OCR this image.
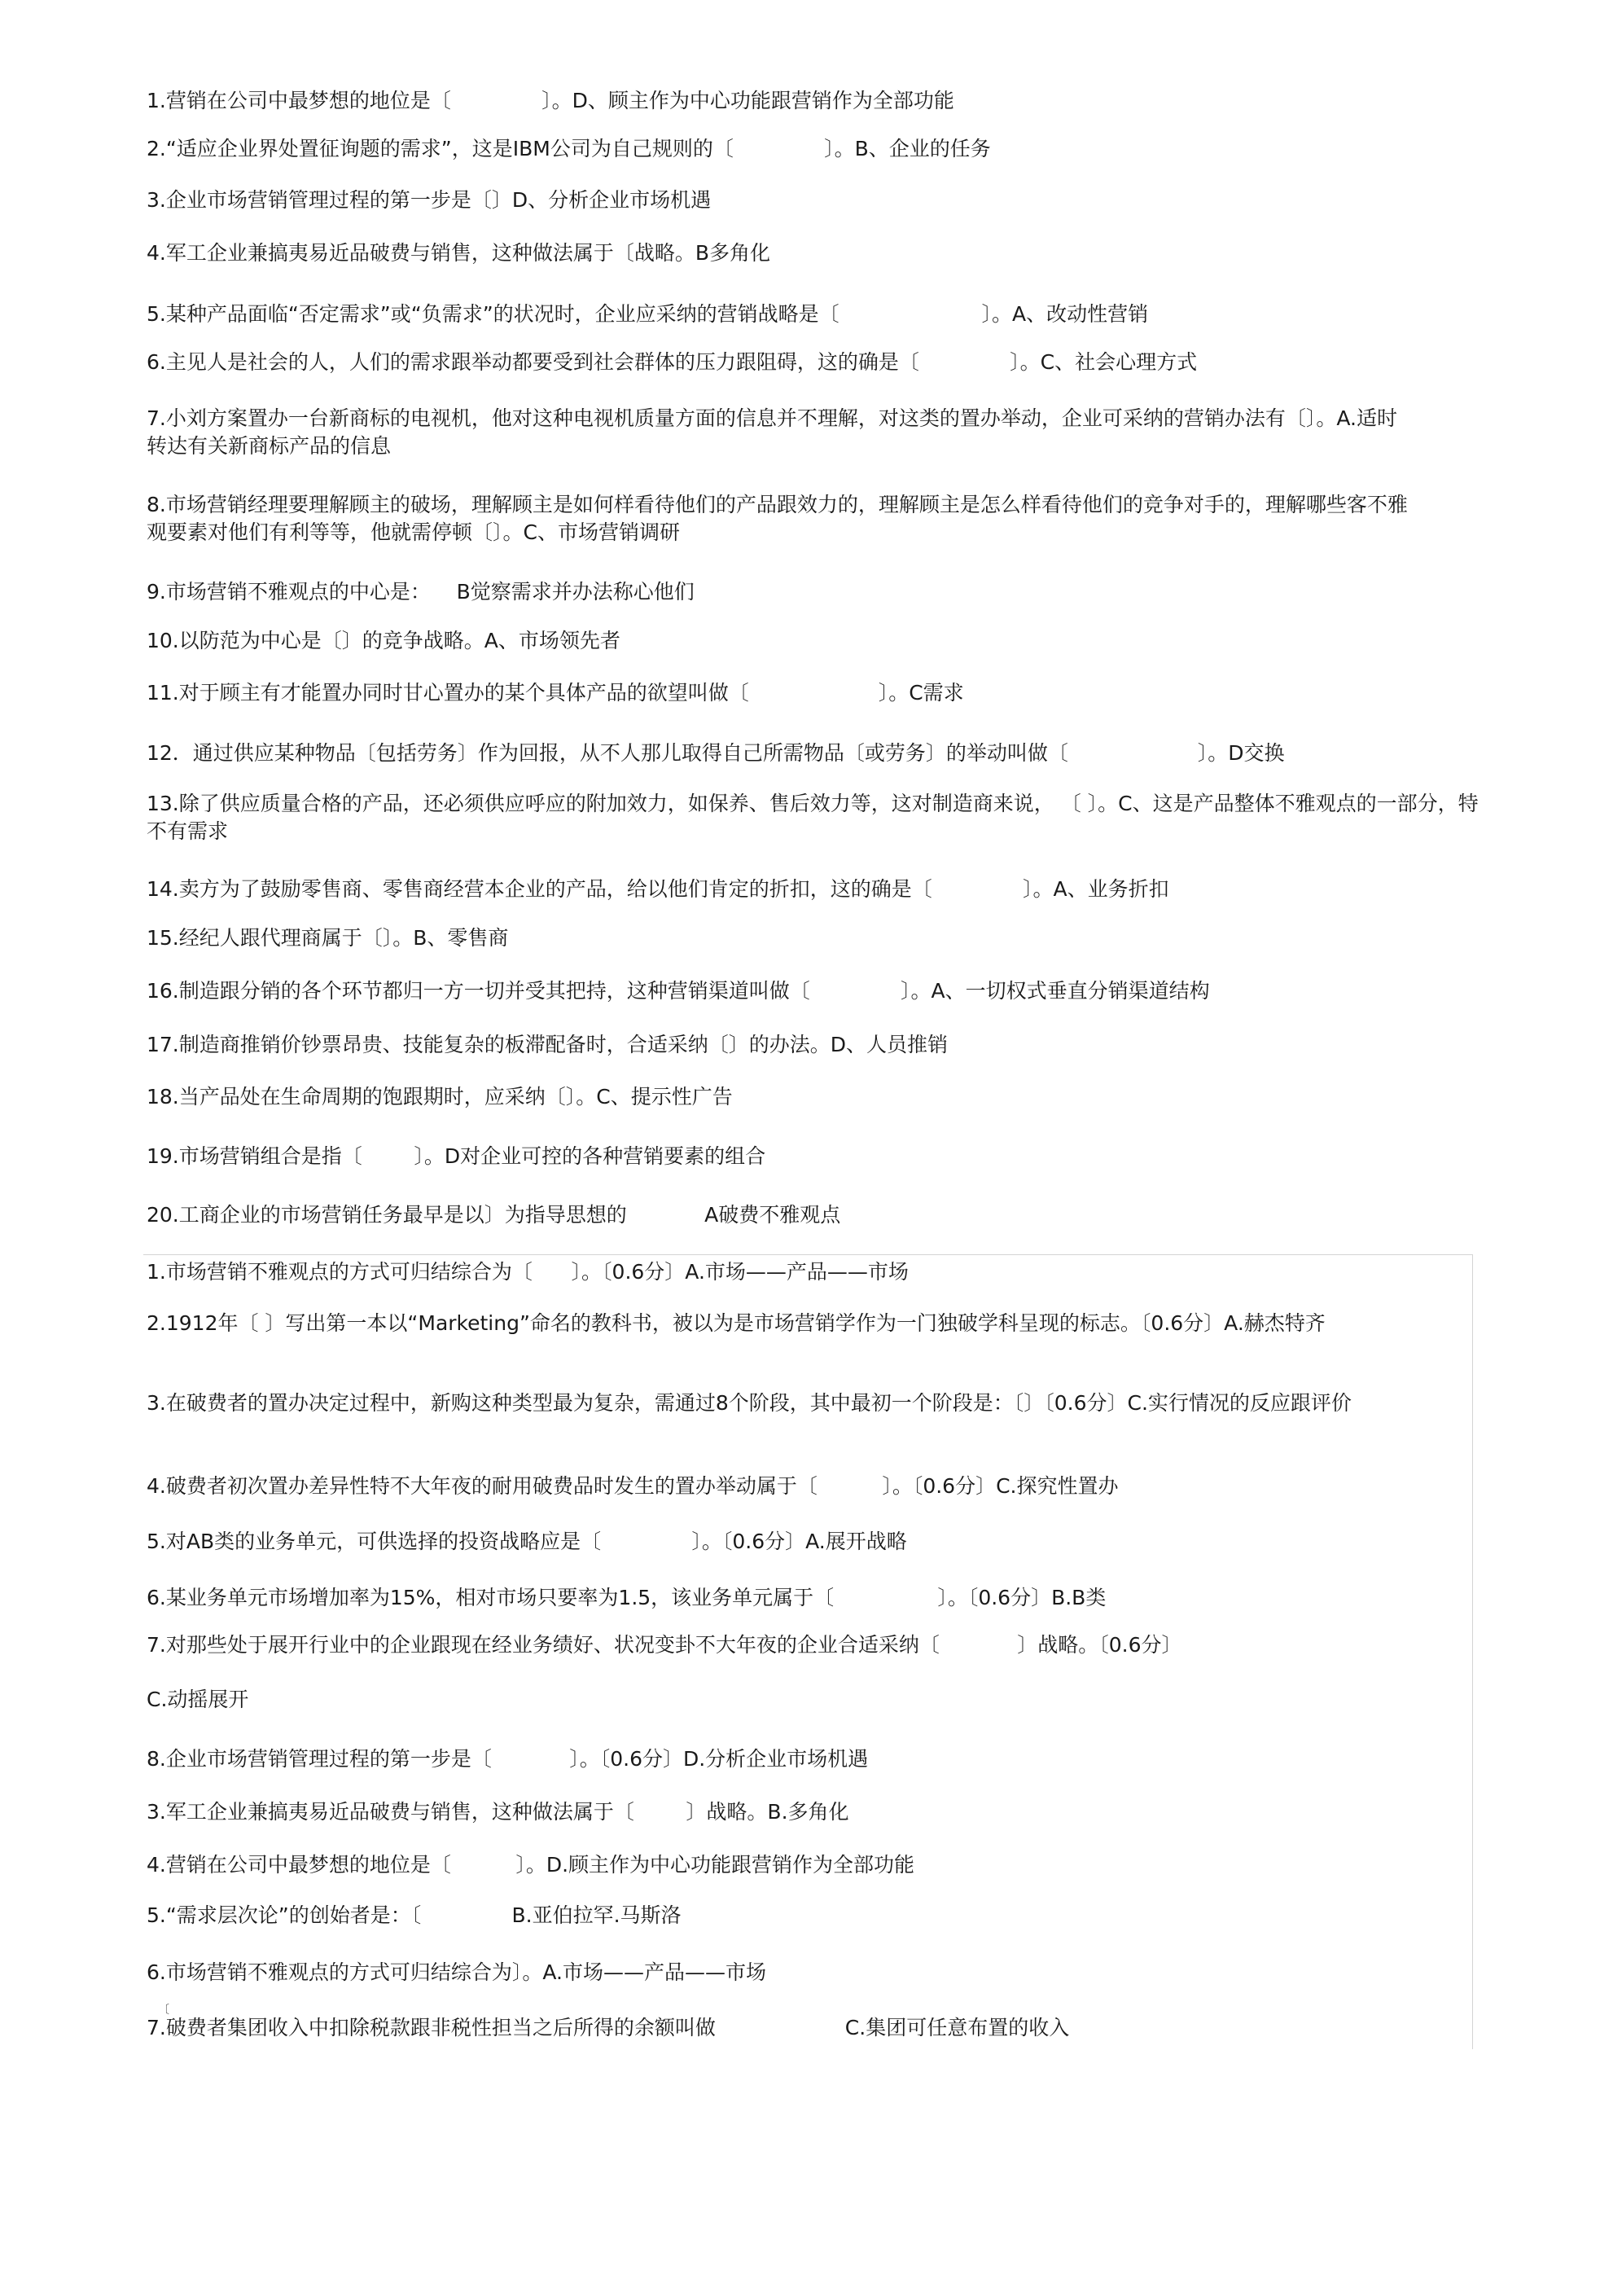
1.营销在公司中最梦想的地位是〔              〕。D、顾主作为中心功能跟营销作为全部功能
2.“适应企业界处置征询题的需求”，这是IBM公司为自己规则的〔              〕。B、企业的任务
3.企业市场营销管理过程的第一步是〔〕D、分析企业市场机遇
4.军工企业兼搞夷易近品破费与销售，这种做法属于〔战略。B多角化
5.某种产品面临“否定需求”或“负需求”的状况时，企业应采纳的营销战略是〔                      〕。A、改动性营销
6.主见人是社会的人，人们的需求跟举动都要受到社会群体的压力跟阻碍，这的确是〔              〕。C、社会心理方式
7.小刘方案置办一台新商标的电视机，他对这种电视机质量方面的信息并不理解，对这类的置办举动，企业可采纳的营销办法有〔〕。A.适时转达有关新商标产品的信息
8.市场营销经理要理解顾主的破场，理解顾主是如何样看待他们的产品跟效力的，理解顾主是怎么样看待他们的竞争对手的，理解哪些客不雅观要素对他们有利等等，他就需停顿〔〕。C、市场营销调研
9.市场营销不雅观点的中心是：    B觉察需求并办法称心他们
10.以防范为中心是〔〕的竞争战略。A、市场领先者
11.对于顾主有才能置办同时甘心置办的某个具体产品的欲望叫做〔                    〕。C需求
12．通过供应某种物品〔包括劳务〕作为回报，从不人那儿取得自己所需物品〔或劳务〕的举动叫做〔                    〕。D交换
13.除了供应质量合格的产品，还必须供应呼应的附加效力，如保养、售后效力等，这对制造商来说， 〔 〕。C、这是产品整体不雅观点的一部分，特不有需求
14.卖方为了鼓励零售商、零售商经营本企业的产品，给以他们肯定的折扣，这的确是〔              〕。A、业务折扣
15.经纪人跟代理商属于〔〕。B、零售商
16.制造跟分销的各个环节都归一方一切并受其把持，这种营销渠道叫做〔              〕。A、一切权式垂直分销渠道结构
17.制造商推销价钞票昂贵、技能复杂的板滞配备时，合适采纳〔〕的办法。D、人员推销
18.当产品处在生命周期的饱跟期时，应采纳〔〕。C、提示性广告
19.市场营销组合是指〔        〕。D对企业可控的各种营销要素的组合
20.工商企业的市场营销任务最早是以〕为指导思想的            A破费不雅观点
1.市场营销不雅观点的方式可归结综合为〔      〕。〔0.6分〕A.市场——产品——市场
2.1912年〔 〕写出第一本以“Marketing”命名的教科书，被以为是市场营销学作为一门独破学科呈现的标志。〔0.6分〕A.赫杰特齐
3.在破费者的置办决定过程中，新购这种类型最为复杂，需通过8个阶段，其中最初一个阶段是：〔〕〔0.6分〕C.实行情况的反应跟评价
4.破费者初次置办差异性特不大年夜的耐用破费品时发生的置办举动属于〔          〕。〔0.6分〕C.探究性置办
5.对AB类的业务单元，可供选择的投资战略应是〔              〕。〔0.6分〕A.展开战略
6.某业务单元市场增加率为15%，相对市场只要率为1.5，该业务单元属于〔                〕。〔0.6分〕B.B类
7.对那些处于展开行业中的企业跟现在经业务绩好、状况变卦不大年夜的企业合适采纳〔            〕战略。〔0.6分〕
C.动摇展开
8.企业市场营销管理过程的第一步是〔            〕。〔0.6分〕D.分析企业市场机遇
3.军工企业兼搞夷易近品破费与销售，这种做法属于〔        〕战略。B.多角化
4.营销在公司中最梦想的地位是〔          〕。D.顾主作为中心功能跟营销作为全部功能
5.“需求层次论”的创始者是：〔              B.亚伯拉罕.马斯洛
6.市场营销不雅观点的方式可归结综合为〕。A.市场——产品——市场
〔
7.破费者集团收入中扣除税款跟非税性担当之后所得的余额叫做                    C.集团可任意布置的收入
